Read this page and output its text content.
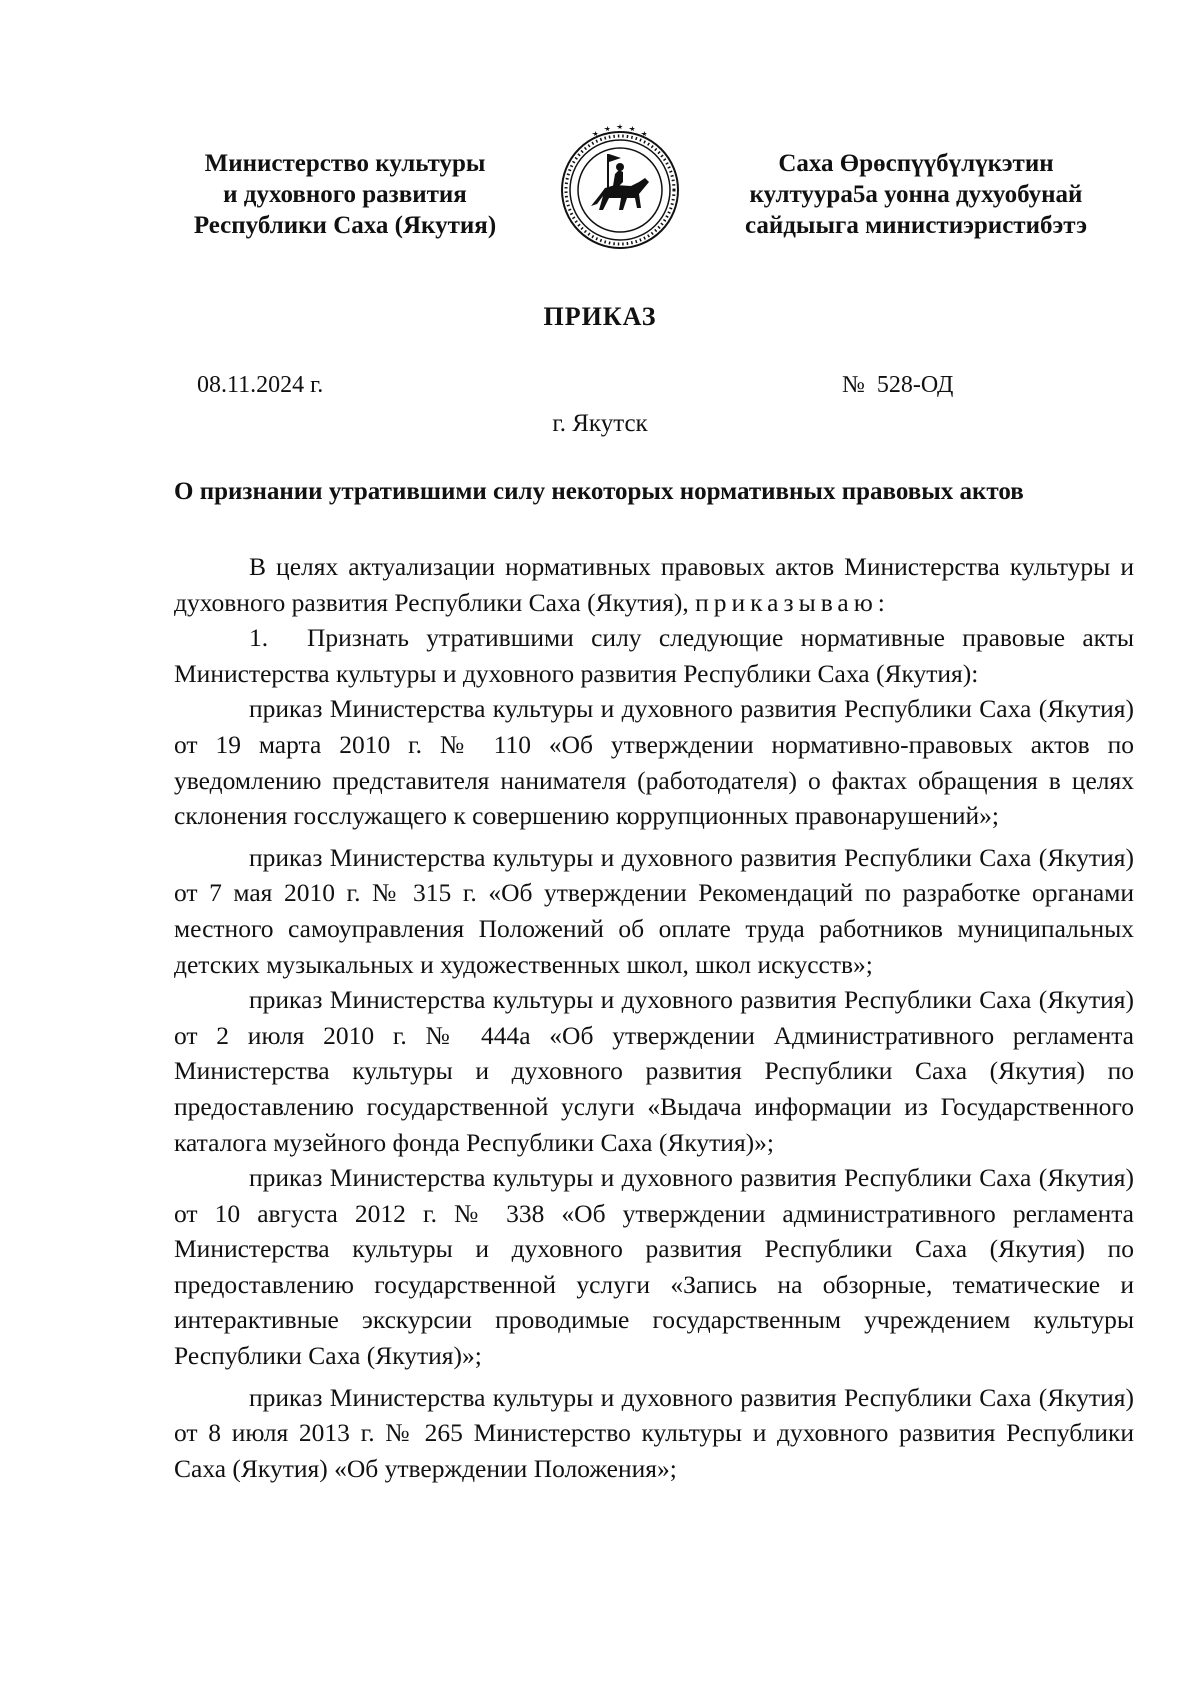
Министерство культуры
и духовного развития
Республики Саха (Якутия)
Саха Өрөспүүбүлүкэтин
култуура5а уонна духуобунай
сайдыыга министиэристибэтэ
ПРИКАЗ
08.11.2024 г.	№  528-ОД
г. Якутск
О признании утратившими силу некоторых нормативных правовых актов

В целях актуализации нормативных правовых актов Министерства культуры и духовного развития Республики Саха (Якутия), приказываю:

1. Признать утратившими силу следующие нормативные правовые акты Министерства культуры и духовного развития Республики Саха (Якутия):

приказ Министерства культуры и духовного развития Республики Саха (Якутия) от 19 марта 2010 г. № 110 «Об утверждении нормативно-правовых актов по уведомлению представителя нанимателя (работодателя) о фактах обращения в целях склонения госслужащего к совершению коррупционных правонарушений»;

приказ Министерства культуры и духовного развития Республики Саха (Якутия) от 7 мая 2010 г. № 315 г. «Об утверждении Рекомендаций по разработке органами местного самоуправления Положений об оплате труда работников муниципальных детских музыкальных и художественных школ, школ искусств»;

приказ Министерства культуры и духовного развития Республики Саха (Якутия) от 2 июля 2010 г. № 444а «Об утверждении Административного регламента Министерства культуры и духовного развития Республики Саха (Якутия) по предоставлению государственной услуги «Выдача информации из Государственного каталога музейного фонда Республики Саха (Якутия)»;

приказ Министерства культуры и духовного развития Республики Саха (Якутия) от 10 августа 2012 г. № 338 «Об утверждении административного регламента Министерства культуры и духовного развития Республики Саха (Якутия) по предоставлению государственной услуги «Запись на обзорные, тематические и интерактивные экскурсии проводимые государственным учреждением культуры Республики Саха (Якутия)»;

приказ Министерства культуры и духовного развития Республики Саха (Якутия) от 8 июля 2013 г. № 265 Министерство культуры и духовного развития Республики Саха (Якутия) «Об утверждении Положения»;
